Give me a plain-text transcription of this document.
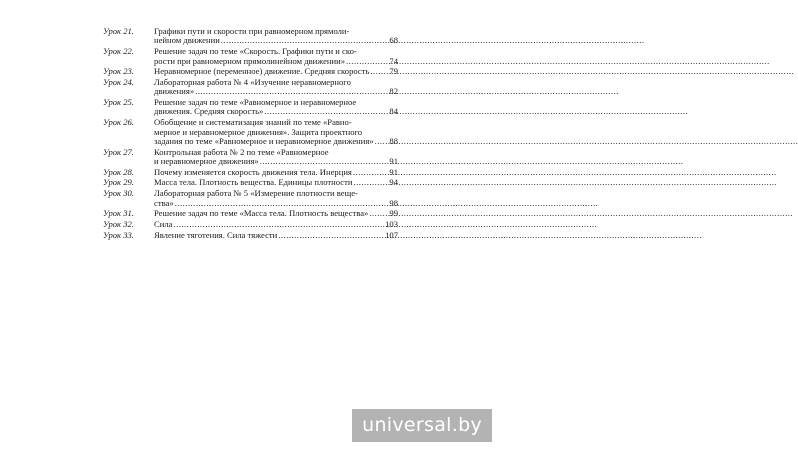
Урок 21.	Графики пути и скорости при равномерном прямоли-
нейном движении .....	68
Урок 22.	Решение задач по теме «Скорость. Графики пути и ско-
рости при равномерном прямолинейном движении» .....	74
Урок 23.	Неравномерное (переменное) движение. Средняя скорость ..... 79
Урок 24.	Лабораторная работа № 4 «Изучение неравномерного
движения» .....	82
Урок 25.	Решение задач по теме «Равномерное и неравномерное
движения. Средняя скорость» .....	84
Урок 26.	Обобщение и систематизация знаний по теме «Равно-
мерное и неравномерное движения». Защита проектного
задания по теме «Равномерное и неравномерное движения» ..... 88
Урок 27.	Контрольная работа № 2 по теме «Равномерное
и неравномерное движения» .....	91
Урок 28.	Почему изменяется скорость движения тела. Инерция .....	91
Урок 29.	Масса тела. Плотность вещества. Единицы плотности .....	94
Урок 30.	Лабораторная работа № 5 «Измерение плотности веще-
ства» .....	98
Урок 31.	Решение задач по теме «Масса тела. Плотность вещества» ..... 99
Урок 32.	Сила .....	103
Урок 33.	Явление тяготения. Сила тяжести .....	107
universal.by
